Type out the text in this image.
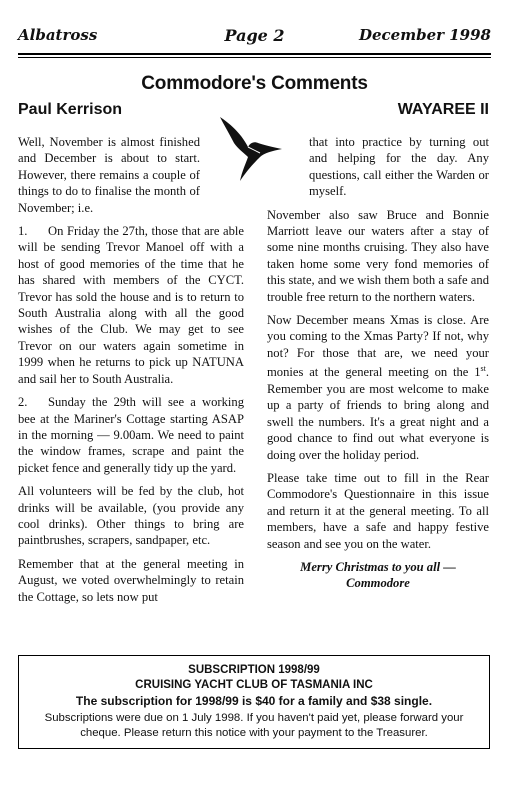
Albatross	Page 2	December 1998
Commodore's Comments
Paul Kerrison	WAYAREE II

Well, November is almost finished and December is about to start. However, there remains a couple of things to do to finalise the month of November; i.e.

1. On Friday the 27th, those that are able will be sending Trevor Manoel off with a host of good memories of the time that he has shared with members of the CYCT. Trevor has sold the house and is to return to South Australia along with all the good wishes of the Club. We may get to see Trevor on our waters again sometime in 1999 when he returns to pick up NATUNA and sail her to South Australia.

2. Sunday the 29th will see a working bee at the Mariner's Cottage starting ASAP in the morning — 9.00am. We need to paint the window frames, scrape and paint the picket fence and generally tidy up the yard.

All volunteers will be fed by the club, hot drinks will be available, (you provide any cool drinks). Other things to bring are paintbrushes, scrapers, sandpaper, etc.

Remember that at the general meeting in August, we voted overwhelmingly to retain the Cottage, so lets now put

that into practice by turning out and helping for the day. Any questions, call either the Warden or myself.

November also saw Bruce and Bonnie Marriott leave our waters after a stay of some nine months cruising. They also have taken home some very fond memories of this state, and we wish them both a safe and trouble free return to the northern waters.

Now December means Xmas is close. Are you coming to the Xmas Party? If not, why not? For those that are, we need your monies at the general meeting on the 1st. Remember you are most welcome to make up a party of friends to bring along and swell the numbers. It's a great night and a good chance to find out what everyone is doing over the holiday period.

Please take time out to fill in the Rear Commodore's Questionnaire in this issue and return it at the general meeting. To all members, have a safe and happy festive season and see you on the water.

Merry Christmas to you all —
Commodore
SUBSCRIPTION 1998/99
CRUISING YACHT CLUB OF TASMANIA INC
The subscription for 1998/99 is $40 for a family and $38 single.
Subscriptions were due on 1 July 1998. If you haven't paid yet, please forward your cheque. Please return this notice with your payment to the Treasurer.
